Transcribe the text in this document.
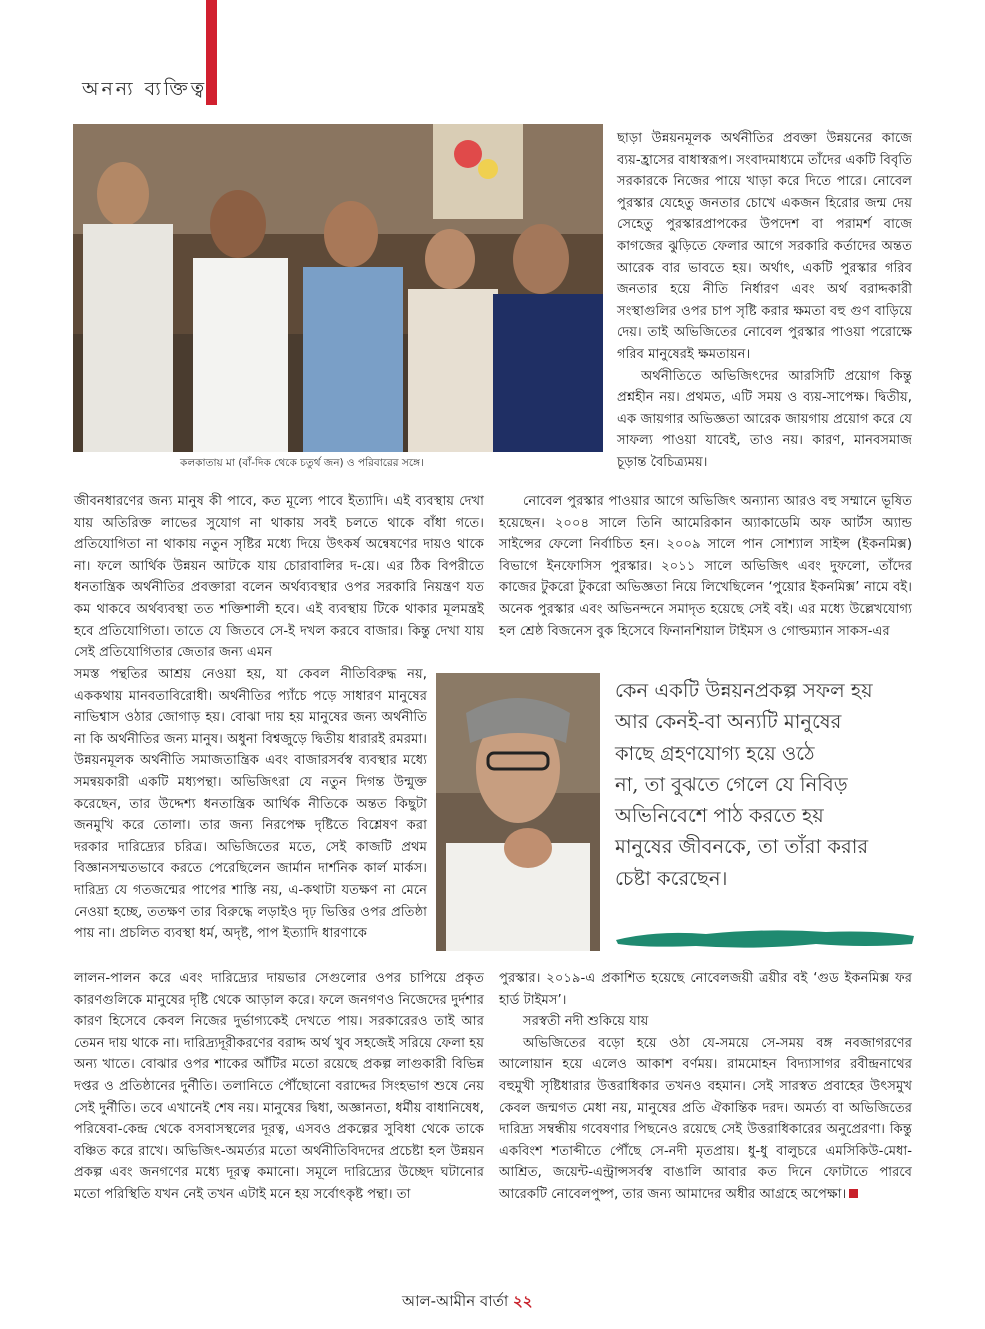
অনন্য ব্যক্তিত্ব
কলকাতায় মা (বাঁ-দিক থেকে চতুর্থ জন) ও পরিবারের সঙ্গে।

ছাড়া উন্নয়নমূলক অর্থনীতির প্রবক্তা উন্নয়নের কাজে ব্যয়-হ্রাসের বাধাস্বরূপ। সংবাদমাধ্যমে তাঁদের একটি বিবৃতি সরকারকে নিজের পায়ে খাড়া করে দিতে পারে। নোবেল পুরস্কার যেহেতু জনতার চোখে একজন হিরোর জন্ম দেয় সেহেতু পুরস্কারপ্রাপকের উপদেশ বা পরামর্শ বাজে কাগজের ঝুড়িতে ফেলার আগে সরকারি কর্তাদের অন্তত আরেক বার ভাবতে হয়। অর্থাৎ, একটি পুরস্কার গরিব জনতার হয়ে নীতি নির্ধারণ এবং অর্থ বরাদ্দকারী সংস্থাগুলির ওপর চাপ সৃষ্টি করার ক্ষমতা বহু গুণ বাড়িয়ে দেয়। তাই অভিজিতের নোবেল পুরস্কার পাওয়া পরোক্ষে গরিব মানুষেরই ক্ষমতায়ন।

অর্থনীতিতে অভিজিৎদের আরসিটি প্রয়োগ কিন্তু প্রশ্নহীন নয়। প্রথমত, এটি সময় ও ব্যয়-সাপেক্ষ। দ্বিতীয়, এক জায়গার অভিজ্ঞতা আরেক জায়গায় প্রয়োগ করে যে সাফল্য পাওয়া যাবেই, তাও নয়। কারণ, মানবসমাজ চূড়ান্ত বৈচিত্র্যময়।

জীবনধারণের জন্য মানুষ কী পাবে, কত মূল্যে পাবে ইত্যাদি। এই ব্যবস্থায় দেখা যায় অতিরিক্ত লাভের সুযোগ না থাকায় সবই চলতে থাকে বাঁধা গতে। প্রতিযোগিতা না থাকায় নতুন সৃষ্টির মধ্যে দিয়ে উৎকর্ষ অন্বেষণের দায়ও থাকে না। ফলে আর্থিক উন্নয়ন আটকে যায় চোরাবালির দ-য়ে। এর ঠিক বিপরীতে ধনতান্ত্রিক অর্থনীতির প্রবক্তারা বলেন অর্থব্যবস্থার ওপর সরকারি নিয়ন্ত্রণ যত কম থাকবে অর্থব্যবস্থা তত শক্তিশালী হবে। এই ব্যবস্থায় টিকে থাকার মূলমন্ত্রই হবে প্রতিযোগিতা। তাতে যে জিতবে সে-ই দখল করবে বাজার। কিন্তু দেখা যায় সেই প্রতিযোগিতার জেতার জন্য এমন
নোবেল পুরস্কার পাওয়ার আগে অভিজিৎ অন্যান্য আরও বহু সম্মানে ভূষিত হয়েছেন। ২০০৪ সালে তিনি আমেরিকান অ্যাকাডেমি অফ আর্টস অ্যান্ড সাইন্সের ফেলো নির্বাচিত হন। ২০০৯ সালে পান সোশ্যাল সাইন্স (ইকনমিক্স) বিভাগে ইনফোসিস পুরস্কার। ২০১১ সালে অভিজিৎ এবং দুফলো, তাঁদের কাজের টুকরো টুকরো অভিজ্ঞতা নিয়ে লিখেছিলেন ‘পুয়োর ইকনমিক্স’ নামে বই। অনেক পুরস্কার এবং অভিনন্দনে সমাদৃত হয়েছে সেই বই। এর মধ্যে উল্লেখযোগ্য হল শ্রেষ্ঠ বিজনেস বুক হিসেবে ফিনানশিয়াল টাইমস ও গোল্ডম্যান সাকস-এর
সমস্ত পন্থতির আশ্রয় নেওয়া হয়, যা কেবল নীতিবিরুদ্ধ নয়, এককথায় মানবতাবিরোধী। অর্থনীতির প্যাঁচে পড়ে সাধারণ মানুষের নাভিশ্বাস ওঠার জোগাড় হয়। বোঝা দায় হয় মানুষের জন্য অর্থনীতি না কি অর্থনীতির জন্য মানুষ। অধুনা বিশ্বজুড়ে দ্বিতীয় ধারারই রমরমা। উন্নয়নমূলক অর্থনীতি সমাজতান্ত্রিক এবং বাজারসর্বস্ব ব্যবস্থার মধ্যে সমন্বয়কারী একটি মধ্যপন্থা। অভিজিৎরা যে নতুন দিগন্ত উন্মুক্ত করেছেন, তার উদ্দেশ্য ধনতান্ত্রিক আর্থিক নীতিকে অন্তত কিছুটা জনমুখি করে তোলা। তার জন্য নিরপেক্ষ দৃষ্টিতে বিশ্লেষণ করা দরকার দারিদ্র্যের চরিত্র। অভিজিতের মতে, সেই কাজটি প্রথম বিজ্ঞানসম্মতভাবে করতে পেরেছিলেন জার্মান দার্শনিক কার্ল মার্কস। দারিদ্র্য যে গতজন্মের পাপের শাস্তি নয়, এ-কথাটা যতক্ষণ না মেনে নেওয়া হচ্ছে, ততক্ষণ তার বিরুদ্ধে লড়াইও দৃঢ় ভিত্তির ওপর প্রতিষ্ঠা পায় না। প্রচলিত ব্যবস্থা ধর্ম, অদৃষ্ট, পাপ ইত্যাদি ধারণাকে

কেন একটি উন্নয়নপ্রকল্প সফল হয়

আর কেনই-বা অন্যটি মানুষের

কাছে গ্রহণযোগ্য হয়ে ওঠে

না, তা বুঝতে গেলে যে নিবিড়

অভিনিবেশে পাঠ করতে হয়

মানুষের জীবনকে, তা তাঁরা করার

চেষ্টা করেছেন।

লালন-পালন করে এবং দারিদ্র্যের দায়ভার সেগুলোর ওপর চাপিয়ে প্রকৃত কারণগুলিকে মানুষের দৃষ্টি থেকে আড়াল করে। ফলে জনগণও নিজেদের দুর্দশার কারণ হিসেবে কেবল নিজের দুর্ভাগ্যকেই দেখতে পায়। সরকারেরও তাই আর তেমন দায় থাকে না। দারিদ্র্যদূরীকরণের বরাদ্দ অর্থ খুব সহজেই সরিয়ে ফেলা হয় অন্য খাতে। বোঝার ওপর শাকের আঁটির মতো রয়েছে প্রকল্প লাগুকারী বিভিন্ন দপ্তর ও প্রতিষ্ঠানের দুর্নীতি। তলানিতে পৌঁছোনো বরাদ্দের সিংহভাগ শুষে নেয় সেই দুর্নীতি। তবে এখানেই শেষ নয়। মানুষের দ্বিধা, অজ্ঞানতা, ধর্মীয় বাধানিষেধ, পরিষেবা-কেন্দ্র থেকে বসবাসস্থলের দূরত্ব, এসবও প্রকল্পের সুবিধা থেকে তাকে বঞ্চিত করে রাখে। অভিজিৎ-অমর্ত্যর মতো অর্থনীতিবিদদের প্রচেষ্টা হল উন্নয়ন প্রকল্প এবং জনগণের মধ্যে দূরত্ব কমানো। সমূলে দারিদ্র্যের উচ্ছেদ ঘটানোর মতো পরিস্থিতি যখন নেই তখন এটাই মনে হয় সর্বোৎকৃষ্ট পন্থা। তা

পুরস্কার। ২০১৯-এ প্রকাশিত হয়েছে নোবেলজয়ী ত্রয়ীর বই ‘গুড ইকনমিক্স ফর হার্ড টাইমস’।

সরস্বতী নদী শুকিয়ে যায়

অভিজিতের বড়ো হয়ে ওঠা যে-সময়ে সে-সময় বঙ্গ নবজাগরণের আলোয়ান হয়ে এলেও আকাশ বর্ণময়। রামমোহন বিদ্যাসাগর রবীন্দ্রনাথের বহুমুখী সৃষ্টিধারার উত্তরাধিকার তখনও বহমান। সেই সারস্বত প্রবাহের উৎসমুখ কেবল জন্মগত মেধা নয়, মানুষের প্রতি ঐকান্তিক দরদ। অমর্ত্য বা অভিজিতের দারিদ্র্য সম্বন্ধীয় গবেষণার পিছনেও রয়েছে সেই উত্তরাধিকারের অনুপ্রেরণা। কিন্তু একবিংশ শতাব্দীতে পৌঁছে সে-নদী মৃতপ্রায়। ধু-ধু বালুচরে এমসিকিউ-মেধা-আশ্রিত, জয়েন্ট-এন্ট্রান্সসর্বস্ব বাঙালি আবার কত দিনে ফোটাতে পারবে আরেকটি নোবেলপুষ্প, তার জন্য আমাদের অধীর আগ্রহে অপেক্ষা।

আল-আমীন বার্তা ২২
